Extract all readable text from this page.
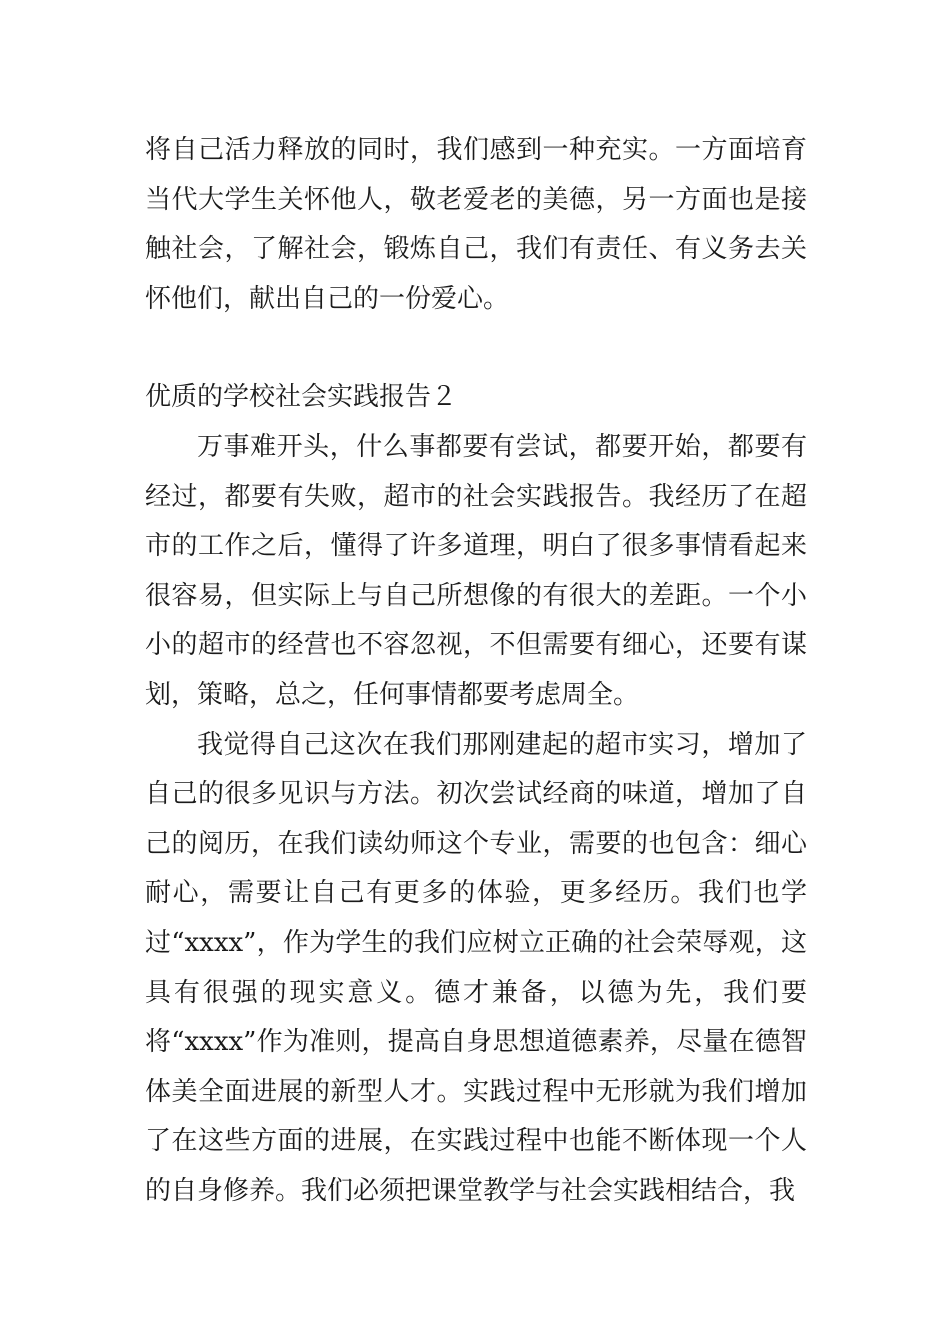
将自己活力释放的同时，我们感到一种充实。一方面培育当代大学生关怀他人，敬老爱老的美德，另一方面也是接触社会，了解社会，锻炼自己，我们有责任、有义务去关怀他们，献出自己的一份爱心。

优质的学校社会实践报告２

万事难开头，什么事都要有尝试，都要开始，都要有经过，都要有失败，超市的社会实践报告。我经历了在超市的工作之后，懂得了许多道理，明白了很多事情看起来很容易，但实际上与自己所想像的有很大的差距。一个小小的超市的经营也不容忽视，不但需要有细心，还要有谋划，策略，总之，任何事情都要考虑周全。

我觉得自己这次在我们那刚建起的超市实习，增加了自己的很多见识与方法。初次尝试经商的味道，增加了自己的阅历，在我们读幼师这个专业，需要的也包含：细心耐心，需要让自己有更多的体验，更多经历。我们也学过“xxxx”，作为学生的我们应树立正确的社会荣辱观，这具有很强的现实意义。德才兼备，以德为先，我们要将“xxxx”作为准则，提高自身思想道德素养，尽量在德智体美全面进展的新型人才。实践过程中无形就为我们增加了在这些方面的进展，在实践过程中也能不断体现一个人的自身修养。我们必须把课堂教学与社会实践相结合，我
